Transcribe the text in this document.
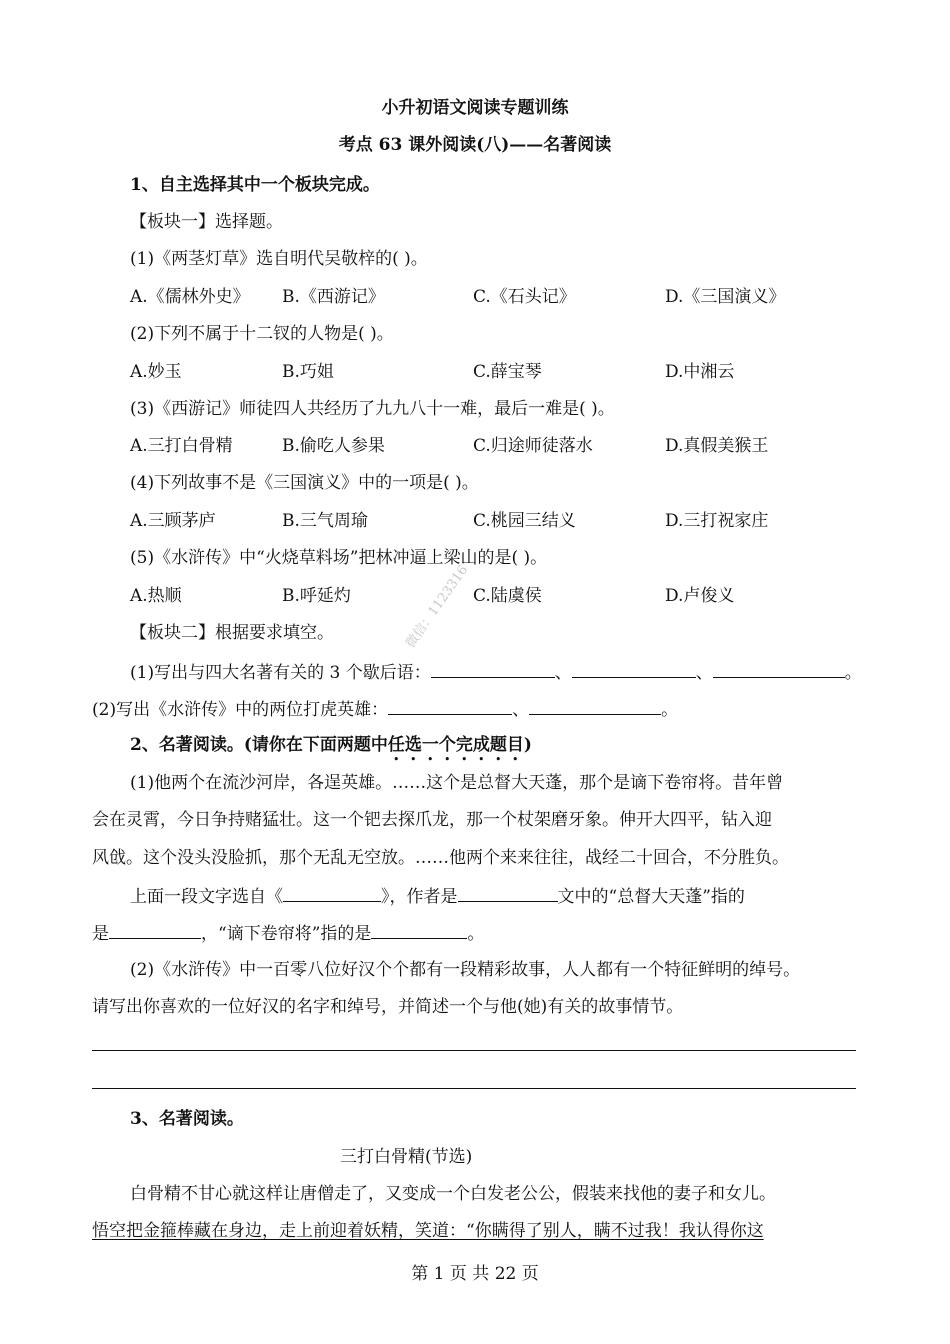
小升初语文阅读专题训练
考点 63 课外阅读(八)——名著阅读
1、自主选择其中一个板块完成。
【板块一】选择题。
(1)《两茎灯草》选自明代吴敬梓的( )。
A.《儒林外史》 B.《西游记》	C.《石头记》	D.《三国演义》
(2)下列不属于十二钗的人物是( )。
A.妙玉	B.巧姐	C.薛宝琴	D.中湘云
(3)《西游记》师徒四人共经历了九九八十一难，最后一难是( )。
A.三打白骨精	B.偷吃人参果	C.归途师徒落水	D.真假美猴王
(4)下列故事不是《三国演义》中的一项是( )。
A.三顾茅庐	B.三气周瑜	C.桃园三结义	D.三打祝家庄
(5)《水浒传》中“火烧草料场”把林冲逼上梁山的是( )。
A.热顺	B.呼延灼	C.陆虞侯	D.卢俊义
【板块二】根据要求填空。
(1)写出与四大名著有关的 3 个歇后语：	、	、	。
(2)写出《水浒传》中的两位打虎英雄：	、	。
2、名著阅读。(请你在下面两题中任选一个完成题目)
(1)他两个在流沙河岸，各逞英雄。……这个是总督大天蓬，那个是谪下卷帘将。昔年曾
会在灵霄，今日争持赌猛壮。这一个钯去探爪龙，那一个杖架磨牙象。伸开大四平，钻入迎
风戗。这个没头没脸抓，那个无乱无空放。……他两个来来往往，战经二十回合，不分胜负。
上面一段文字选自《	》，作者是	文中的“总督大天蓬”指的
是	，“谪下卷帘将”指的是	。
(2)《水浒传》中一百零八位好汉个个都有一段精彩故事，人人都有一个特征鲜明的绰号。
请写出你喜欢的一位好汉的名字和绰号，并简述一个与他(她)有关的故事情节。
3、名著阅读。
三打白骨精(节选)
白骨精不甘心就这样让唐僧走了，又变成一个白发老公公，假装来找他的妻子和女儿。
悟空把金箍棒藏在身边，走上前迎着妖精，笑道：“你瞒得了别人，瞒不过我！我认得你这
第 1 页 共 22 页
微信：1123316
